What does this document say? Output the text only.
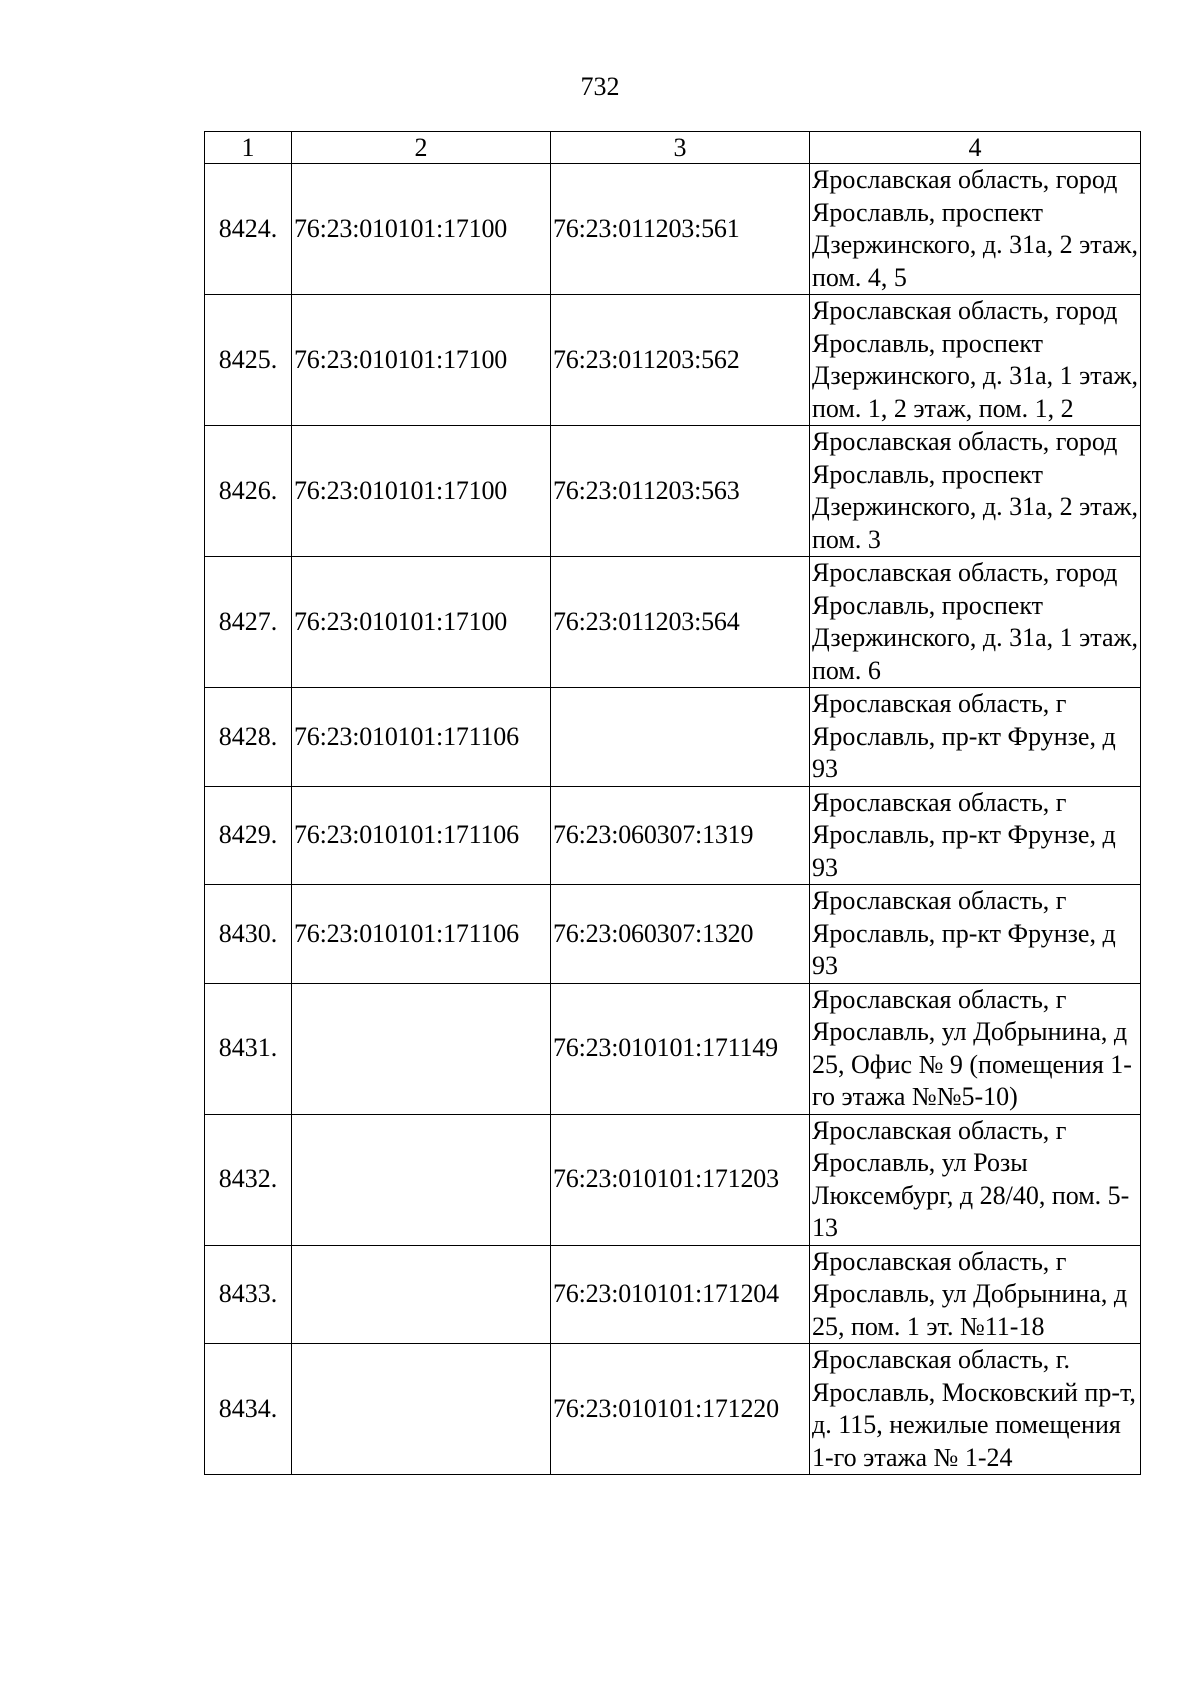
732
1	2	3	4
8424.	76:23:010101:17100	76:23:011203:561	Ярославская область, город Ярославль, проспект Дзержинского, д. 31а, 2 этаж, пом. 4, 5
8425.	76:23:010101:17100	76:23:011203:562	Ярославская область, город Ярославль, проспект Дзержинского, д. 31а, 1 этаж, пом. 1, 2 этаж, пом. 1, 2
8426.	76:23:010101:17100	76:23:011203:563	Ярославская область, город Ярославль, проспект Дзержинского, д. 31а, 2 этаж, пом. 3
8427.	76:23:010101:17100	76:23:011203:564	Ярославская область, город Ярославль, проспект Дзержинского, д. 31а, 1 этаж, пом. 6
8428.	76:23:010101:171106		Ярославская область, г Ярославль, пр-кт Фрунзе, д 93
8429.	76:23:010101:171106	76:23:060307:1319	Ярославская область, г Ярославль, пр-кт Фрунзе, д 93
8430.	76:23:010101:171106	76:23:060307:1320	Ярославская область, г Ярославль, пр-кт Фрунзе, д 93
8431.		76:23:010101:171149	Ярославская область, г Ярославль, ул Добрынина, д 25, Офис № 9 (помещения 1-го этажа №№5-10)
8432.		76:23:010101:171203	Ярославская область, г Ярославль, ул Розы Люксембург, д 28/40, пом. 5-13
8433.		76:23:010101:171204	Ярославская область, г Ярославль, ул Добрынина, д 25, пом. 1 эт. №11-18
8434.		76:23:010101:171220	Ярославская область, г. Ярославль, Московский пр-т, д. 115, нежилые помещения 1-го этажа № 1-24
